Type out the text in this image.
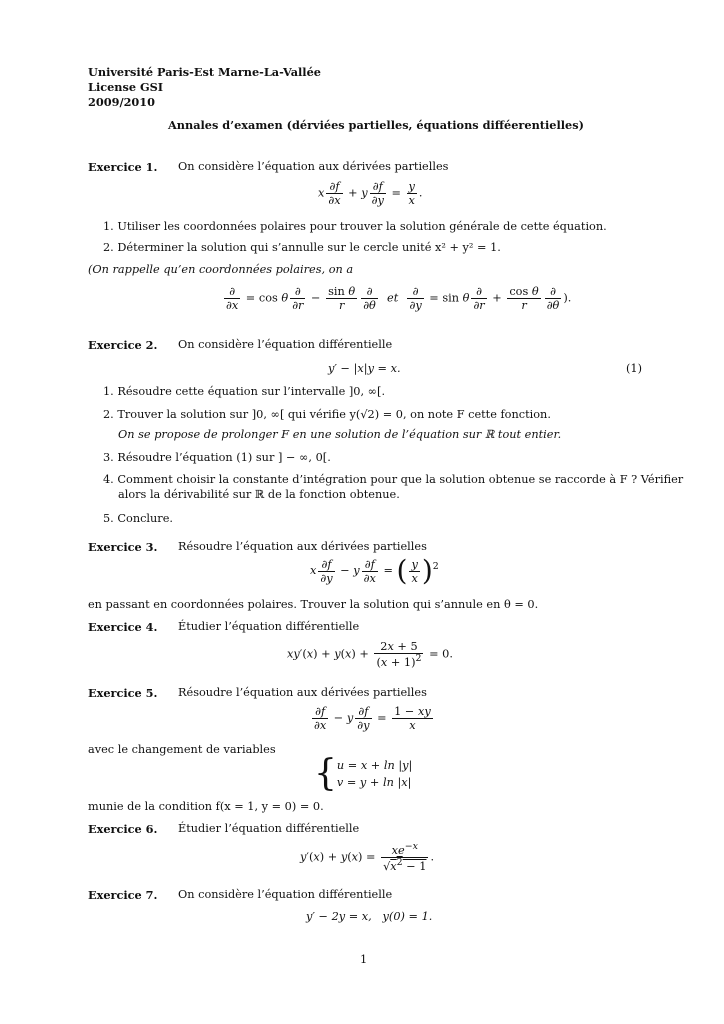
Université Paris-Est Marne-La-Vallée
License GSI
2009/2010
Annales d’examen (dérviées partielles, équations difféerentielles)
Exercice 1. On considère l’équation aux dérivées partielles
x $\frac{\partial f}{\partial x} + y \frac{\partial f}{\partial y} = \frac{y}{x}$ .
1. Utiliser les coordonnées polaires pour trouver la solution générale de cette équation.
2. Déterminer la solution qui s’annulle sur le cercle unité x² + y² = 1.
(On rappelle qu’en coordonnées polaires, on a
$\frac{\partial}{\partial x} = \cos \theta \frac{\partial}{\partial r} - \frac{\text{sin θ}}{r} \frac{\partial}{\partial\theta}$ et $\frac{\partial}{\partial y} = \sin \theta \frac{\partial}{\partial r} + \frac{\text{cos θ}}{r} \frac{\partial}{\partial\theta}$ ).
Exercice 2. On considère l’équation différentielle
y′ − |x|y = x.	(1)
1. Résoudre cette équation sur l’intervalle ]0, ∞[.
2. Trouver la solution sur ]0, ∞[ qui vérifie y(√2) = 0, on note F cette fonction.
On se propose de prolonger F en une solution de l’équation sur ℝ tout entier.
3. Résoudre l’équation (1) sur ] − ∞, 0[.
4. Comment choisir la constante d’intégration pour que la solution obtenue se raccorde à F ? Vérifier
alors la dérivabilité sur ℝ de la fonction obtenue.
5. Conclure.
Exercice 3. Résoudre l’équation aux dérivées partielles
x $\frac{\partial f}{\partial y} - y \frac{\partial f}{\partial x}$ = ( $\frac{y}{x} )^2$
en passant en coordonnées polaires. Trouver la solution qui s’annule en θ = 0.
Exercice 4. Étudier l’équation différentielle
$xy'(x) + y(x) + \frac{2x + 5}{(x + 1)^2} = 0$.
Exercice 5. Résoudre l’équation aux dérivées partielles
$\frac{\partial f}{\partial x} - y \frac{\partial f}{\partial y} = \frac{1 - xy}{x}$
avec le changement de variables
{ u = x + ln |y|
v = y + ln |x|
munie de la condition f(x = 1, y = 0) = 0.
Exercice 6. Étudier l’équation différentielle
$y'(x) + y(x) = \frac{xe^{-x}}{√x^2 - 1}$ .
Exercice 7. On considère l’équation différentielle
y′ − 2y = x,   y(0) = 1.
1
